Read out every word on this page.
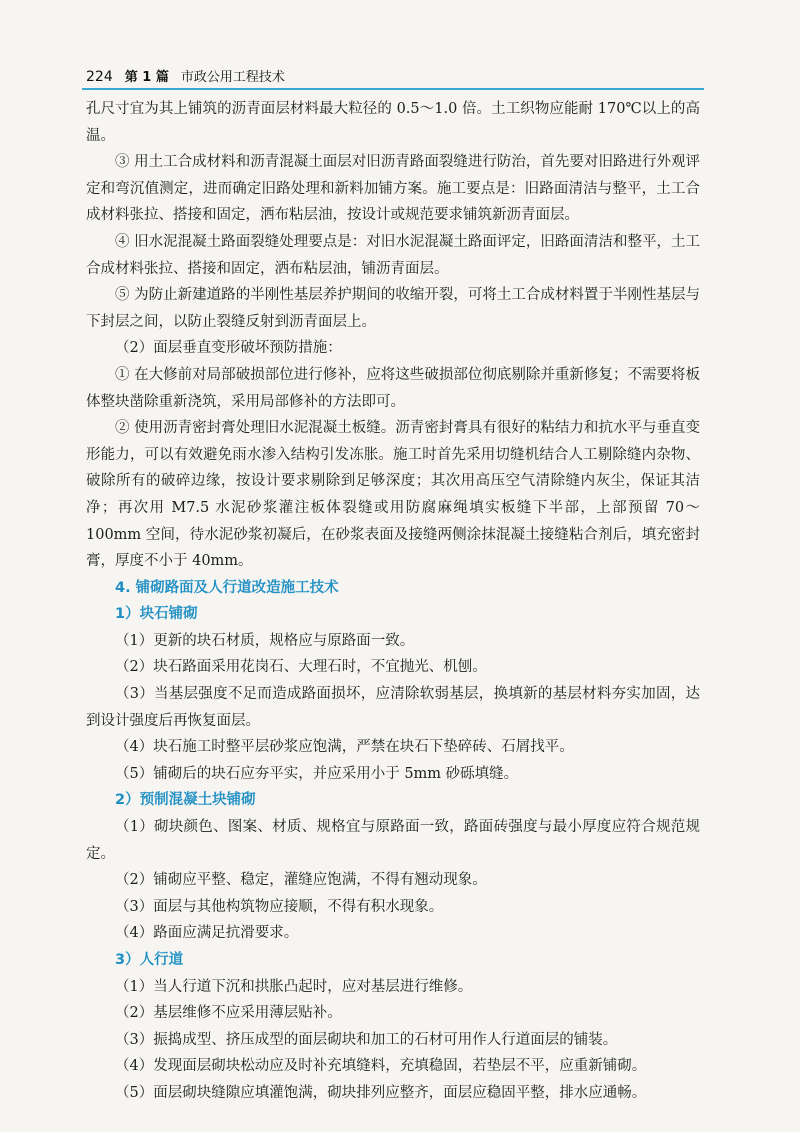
224 第 1 篇 市政公用工程技术

孔尺寸宜为其上铺筑的沥青面层材料最大粒径的 0.5～1.0 倍。土工织物应能耐 170℃以上的高温。

③ 用土工合成材料和沥青混凝土面层对旧沥青路面裂缝进行防治，首先要对旧路进行外观评定和弯沉值测定，进而确定旧路处理和新料加铺方案。施工要点是：旧路面清洁与整平，土工合成材料张拉、搭接和固定，洒布粘层油，按设计或规范要求铺筑新沥青面层。

④ 旧水泥混凝土路面裂缝处理要点是：对旧水泥混凝土路面评定，旧路面清洁和整平，土工合成材料张拉、搭接和固定，洒布粘层油，铺沥青面层。

⑤ 为防止新建道路的半刚性基层养护期间的收缩开裂，可将土工合成材料置于半刚性基层与下封层之间，以防止裂缝反射到沥青面层上。

（2）面层垂直变形破坏预防措施：

① 在大修前对局部破损部位进行修补，应将这些破损部位彻底剔除并重新修复；不需要将板体整块凿除重新浇筑，采用局部修补的方法即可。

② 使用沥青密封膏处理旧水泥混凝土板缝。沥青密封膏具有很好的粘结力和抗水平与垂直变形能力，可以有效避免雨水渗入结构引发冻胀。施工时首先采用切缝机结合人工剔除缝内杂物、破除所有的破碎边缘，按设计要求剔除到足够深度；其次用高压空气清除缝内灰尘，保证其洁净；再次用 M7.5 水泥砂浆灌注板体裂缝或用防腐麻绳填实板缝下半部，上部预留 70～100mm 空间，待水泥砂浆初凝后，在砂浆表面及接缝两侧涂抹混凝土接缝粘合剂后，填充密封膏，厚度不小于 40mm。

4. 铺砌路面及人行道改造施工技术

1）块石铺砌

（1）更新的块石材质，规格应与原路面一致。

（2）块石路面采用花岗石、大理石时，不宜抛光、机刨。

（3）当基层强度不足而造成路面损坏，应清除软弱基层，换填新的基层材料夯实加固，达到设计强度后再恢复面层。

（4）块石施工时整平层砂浆应饱满，严禁在块石下垫碎砖、石屑找平。

（5）铺砌后的块石应夯平实，并应采用小于 5mm 砂砾填缝。

2）预制混凝土块铺砌

（1）砌块颜色、图案、材质、规格宜与原路面一致，路面砖强度与最小厚度应符合规范规定。

（2）铺砌应平整、稳定，灌缝应饱满，不得有翘动现象。

（3）面层与其他构筑物应接顺，不得有积水现象。

（4）路面应满足抗滑要求。

3）人行道

（1）当人行道下沉和拱胀凸起时，应对基层进行维修。

（2）基层维修不应采用薄层贴补。

（3）振捣成型、挤压成型的面层砌块和加工的石材可用作人行道面层的铺装。

（4）发现面层砌块松动应及时补充填缝料，充填稳固，若垫层不平，应重新铺砌。

（5）面层砌块缝隙应填灌饱满，砌块排列应整齐，面层应稳固平整，排水应通畅。
